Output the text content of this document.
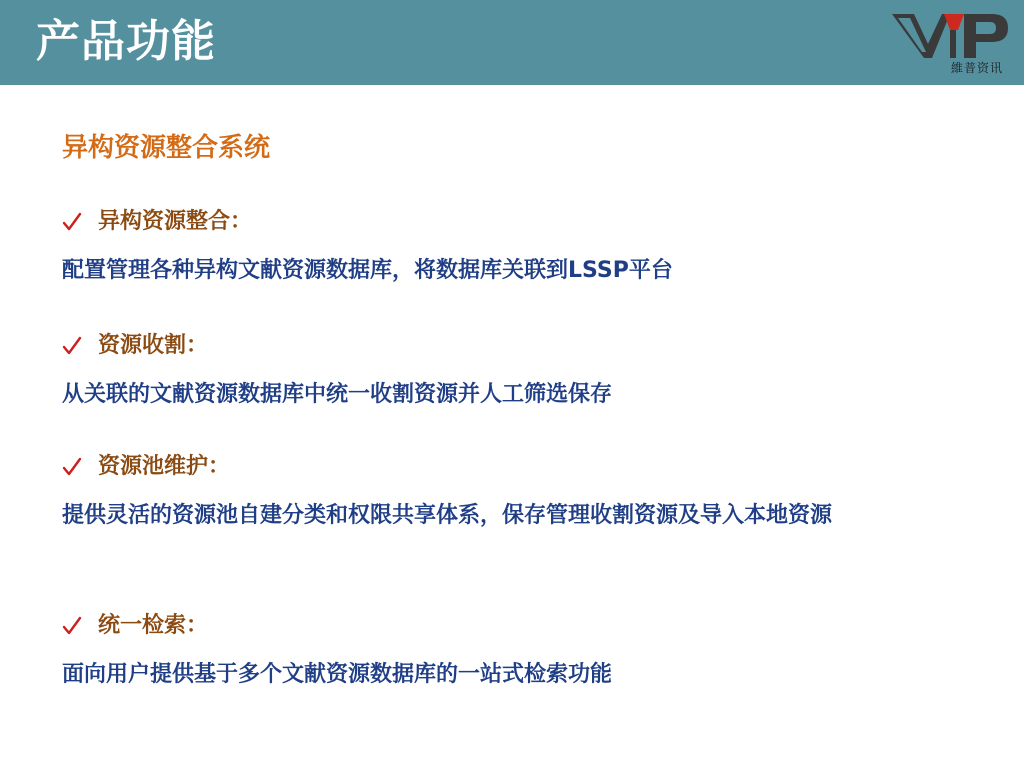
产品功能
維普资讯
异构资源整合系统
异构资源整合：
配置管理各种异构文献资源数据库，将数据库关联到LSSP平台
资源收割：
从关联的文献资源数据库中统一收割资源并人工筛选保存
资源池维护：
提供灵活的资源池自建分类和权限共享体系，保存管理收割资源及导入本地资源
统一检索：
面向用户提供基于多个文献资源数据库的一站式检索功能
